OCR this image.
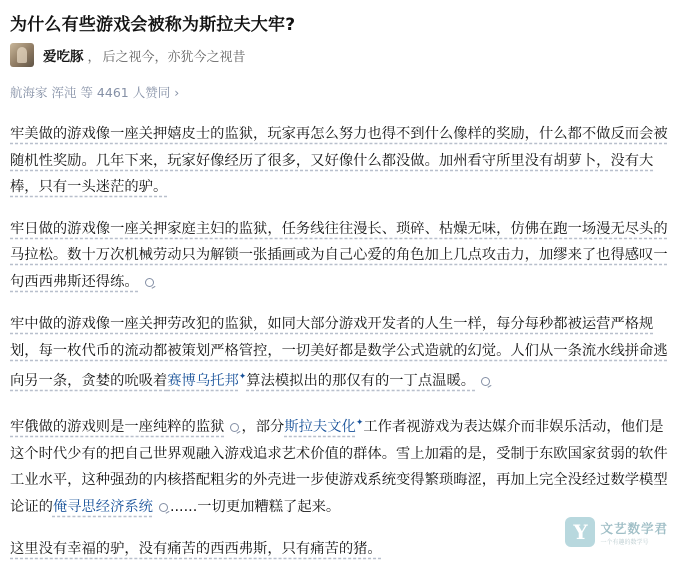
为什么有些游戏会被称为斯拉夫大牢?
爱吃豚 ， 后之视今，亦犹今之视昔
航海家 浑沌 等 4461 人赞同 ›

牢美做的游戏像一座关押嬉皮士的监狱，玩家再怎么努力也得不到什么像样的奖励，什么都不做反而会被随机性奖励。几年下来，玩家好像经历了很多，又好像什么都没做。加州看守所里没有胡萝卜，没有大棒，只有一头迷茫的驴。

牢日做的游戏像一座关押家庭主妇的监狱，任务线往往漫长、琐碎、枯燥无味，仿佛在跑一场漫无尽头的马拉松。数十万次机械劳动只为解锁一张插画或为自己心爱的角色加上几点攻击力，加缪来了也得感叹一句西西弗斯还得练。

牢中做的游戏像一座关押劳改犯的监狱，如同大部分游戏开发者的人生一样，每分每秒都被运营严格规划，每一枚代币的流动都被策划严格管控，一切美好都是数学公式造就的幻觉。人们从一条流水线拼命逃向另一条，贪婪的吮吸着赛博乌托邦✦算法模拟出的那仅有的一丁点温暖。

牢俄做的游戏则是一座纯粹的监狱 ，部分斯拉夫文化✦工作者视游戏为表达媒介而非娱乐活动，他们是这个时代少有的把自己世界观融入游戏追求艺术价值的群体。雪上加霜的是，受制于东欧国家贫弱的软件工业水平，这种强劲的内核搭配粗劣的外壳进一步使游戏系统变得繁琐晦涩，再加上完全没经过数学模型论证的俺寻思经济系统 ......一切更加糟糕了起来。

这里没有幸福的驴，没有痛苦的西西弗斯，只有痛苦的猪。

Y	文艺数学君
一个有趣的数学号
